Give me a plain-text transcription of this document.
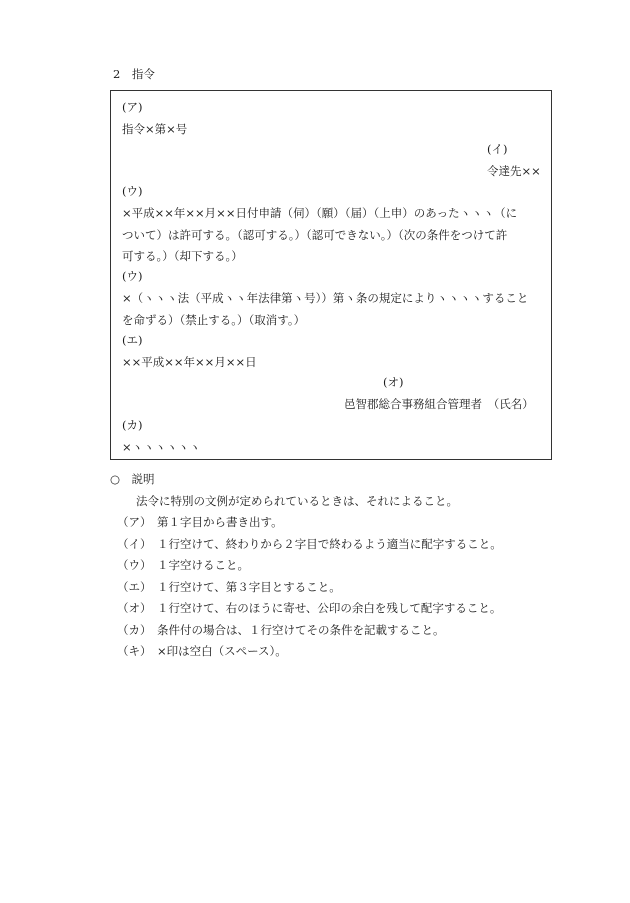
2　指令
(ア)
指令×第×号
(イ)
令達先××
(ウ)
×平成××年××月××日付申請（伺）（願）（届）（上申）のあったヽヽヽ（に
ついて）は許可する。（認可する。）（認可できない。）（次の条件をつけて許
可する。）（却下する。）
(ウ)
×（ヽヽヽ法（平成ヽヽ年法律第ヽ号））第ヽ条の規定によりヽヽヽヽすること
を命ずる）（禁止する。）（取消す。）
(エ)
××平成××年××月××日
(オ)
邑智郡総合事務組合管理者　（氏名）
(カ)
×ヽヽヽヽヽヽ
○　説明
法令に特別の文例が定められているときは、それによること。
（ア） 第１字目から書き出す。
（イ） １行空けて、終わりから２字目で終わるよう適当に配字すること。
（ウ） １字空けること。
（エ） １行空けて、第３字目とすること。
（オ） １行空けて、右のほうに寄せ、公印の余白を残して配字すること。
（カ） 条件付の場合は、１行空けてその条件を記載すること。
（キ） ×印は空白（スペース）。
